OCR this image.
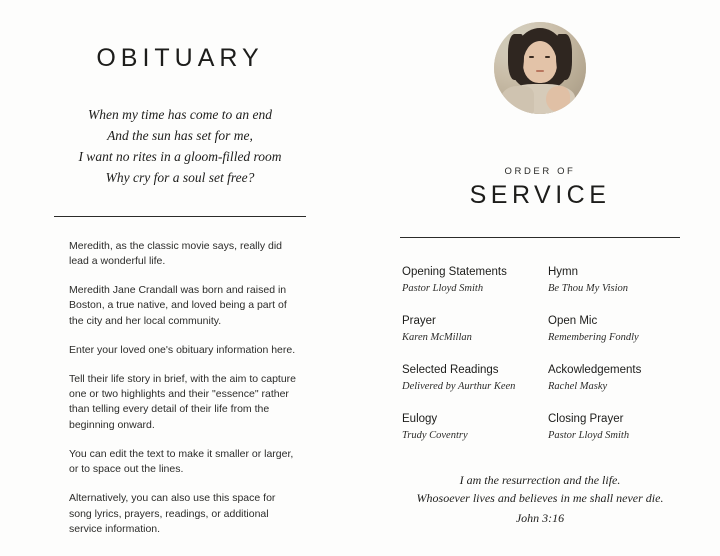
OBITUARY
When my time has come to an end
And the sun has set for me,
I want no rites in a gloom-filled room
Why cry for a soul set free?

Meredith, as the classic movie says, really did lead a wonderful life.

Meredith Jane Crandall was born and raised in Boston, a true native, and loved being a part of the city and her local community.

Enter your loved one's obituary information here.

Tell their life story in brief, with the aim to capture one or two highlights and their "essence" rather than telling every detail of their life from the beginning onward.

You can edit the text to make it smaller or larger, or to space out the lines.

Alternatively, you can also use this space for song lyrics, prayers, readings, or additional service information.

ORDER OF
SERVICE
Opening Statements
Pastor Lloyd Smith
Hymn
Be Thou My Vision
Prayer
Karen McMillan
Open Mic
Remembering Fondly
Selected Readings
Delivered by Aurthur Keen
Ackowledgements
Rachel Masky
Eulogy
Trudy Coventry
Closing Prayer
Pastor Lloyd Smith
I am the resurrection and the life.
Whosoever lives and believes in me shall never die.
John 3:16
